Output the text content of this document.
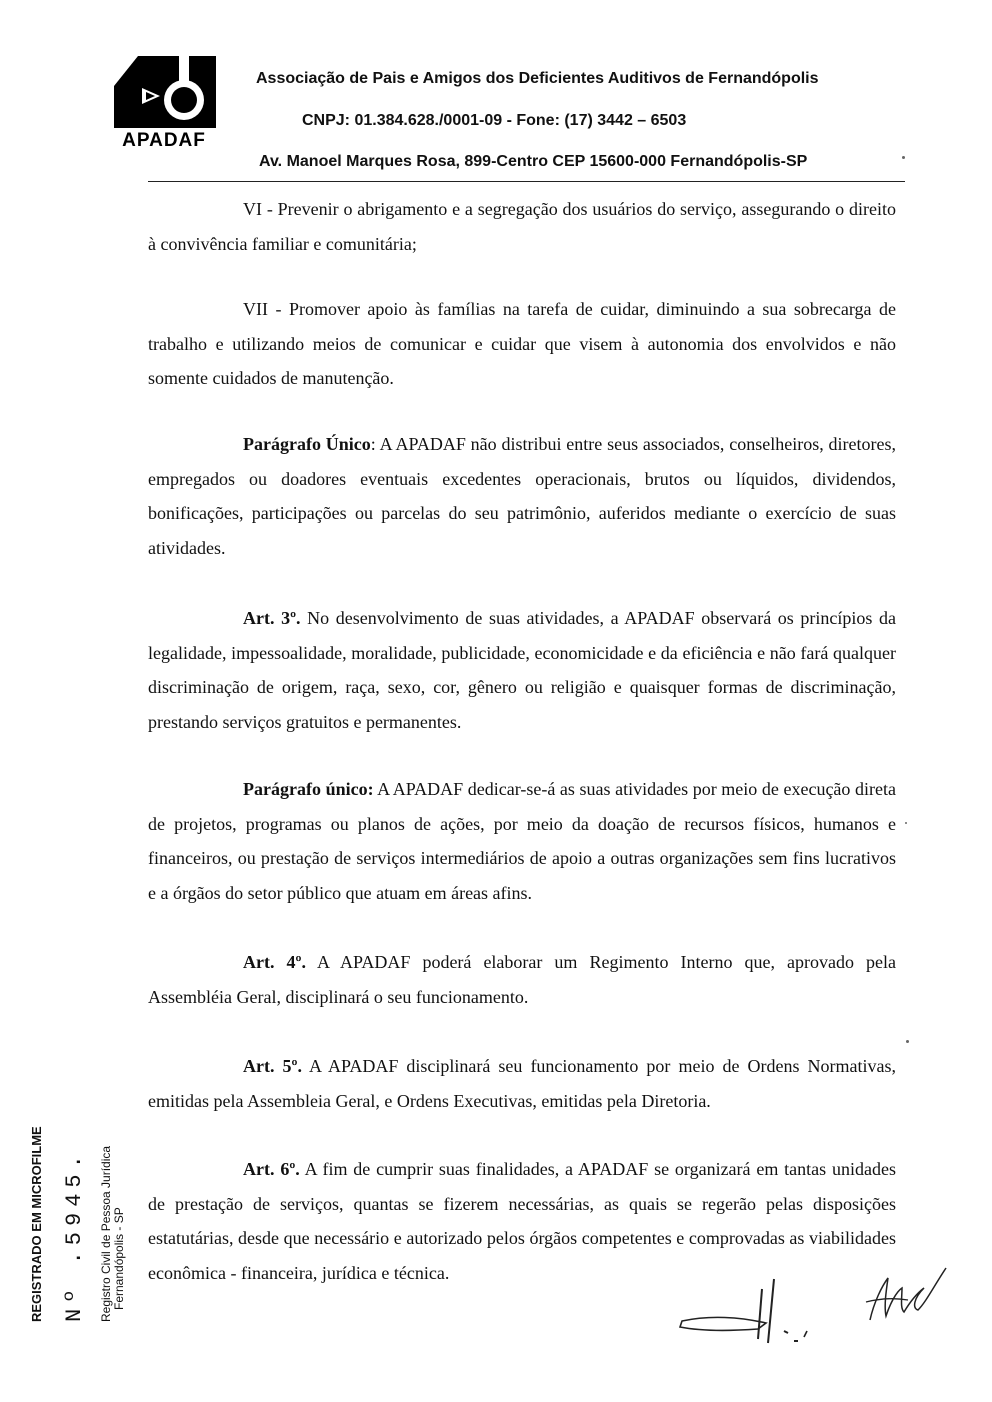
APADAF
Associação de Pais e Amigos dos Deficientes Auditivos de Fernandópolis
CNPJ: 01.384.628./0001-09 - Fone: (17) 3442 – 6503
Av. Manoel Marques Rosa, 899-Centro CEP 15600-000 Fernandópolis-SP

VI - Prevenir o abrigamento e a segregação dos usuários do serviço, assegurando o direito à convivência familiar e comunitária;

VII - Promover apoio às famílias na tarefa de cuidar, diminuindo a sua sobrecarga de trabalho e utilizando meios de comunicar e cuidar que visem à autonomia dos envolvidos e não somente cuidados de manutenção.

Parágrafo Único: A APADAF não distribui entre seus associados, conselheiros, diretores, empregados ou doadores eventuais excedentes operacionais, brutos ou líquidos, dividendos, bonificações, participações ou parcelas do seu patrimônio, auferidos mediante o exercício de suas atividades.

Art. 3º. No desenvolvimento de suas atividades, a APADAF observará os princípios da legalidade, impessoalidade, moralidade, publicidade, economicidade e da eficiência e não fará qualquer discriminação de origem, raça, sexo, cor, gênero ou religião e quaisquer formas de discriminação, prestando serviços gratuitos e permanentes.

Parágrafo único: A APADAF dedicar-se-á as suas atividades por meio de execução direta de projetos, programas ou planos de ações, por meio da doação de recursos físicos, humanos e financeiros, ou prestação de serviços intermediários de apoio a outras organizações sem fins lucrativos e a órgãos do setor público que atuam em áreas afins.

Art. 4º. A APADAF poderá elaborar um Regimento Interno que, aprovado pela Assembléia Geral, disciplinará o seu funcionamento.

Art. 5º. A APADAF disciplinará seu funcionamento por meio de Ordens Normativas, emitidas pela Assembleia Geral, e Ordens Executivas, emitidas pela Diretoria.

Art. 6º. A fim de cumprir suas finalidades, a APADAF se organizará em tantas unidades de prestação de serviços, quantas se fizerem necessárias, as quais se regerão pelas disposições estatutárias, desde que necessário e autorizado pelos órgãos competentes e comprovadas as viabilidades econômica - financeira, jurídica e técnica.

REGISTRADO EM MICROFILME Nº .5945. Registro Civil de Pessoa Jurídica Fernandópolis - SP
